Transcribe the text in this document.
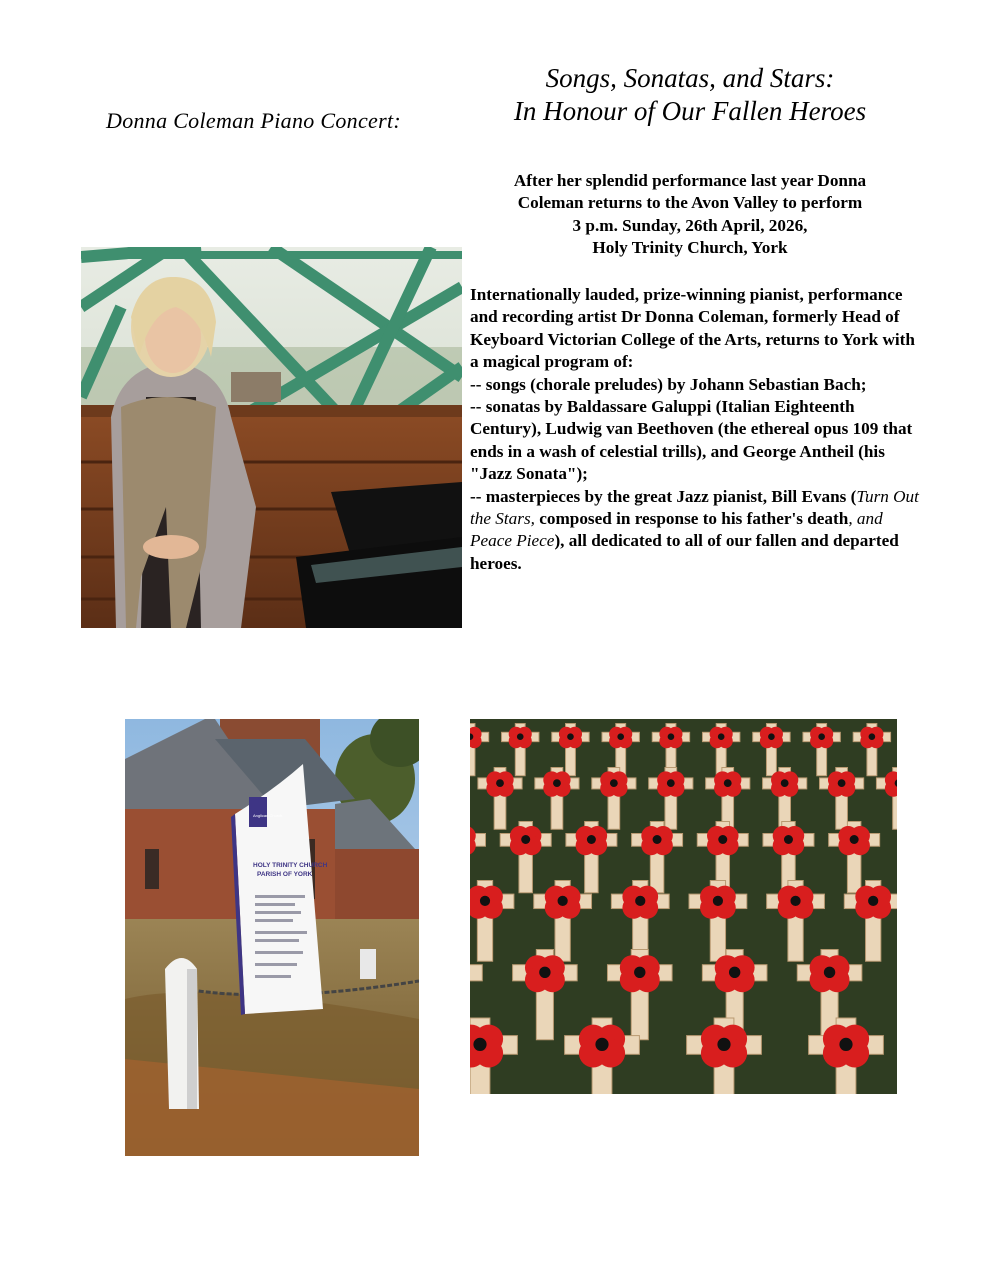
Donna Coleman Piano Concert:
Songs, Sonatas, and Stars:
In Honour of Our Fallen Heroes
After her splendid performance last year Donna
Coleman returns to the Avon Valley to perform
3 p.m. Sunday, 26th April, 2026,
Holy Trinity Church, York

Internationally lauded, prize-winning pianist, performance and recording artist Dr Donna Coleman, formerly Head of Keyboard Victorian College of the Arts, returns to York with a magical program of:

-- songs (chorale preludes) by Johann Sebastian Bach;

-- sonatas by Baldassare Galuppi (Italian Eighteenth Century), Ludwig van Beethoven (the ethereal opus 109 that ends in a wash of celestial trills), and George Antheil (his "Jazz Sonata");

-- masterpieces by the great Jazz pianist, Bill Evans (Turn Out the Stars, composed in response to his father's death, and Peace Piece), all dedicated to all of our fallen and departed heroes.

Anglican Church
HOLY TRINITY CHURCH
PARISH OF YORK
